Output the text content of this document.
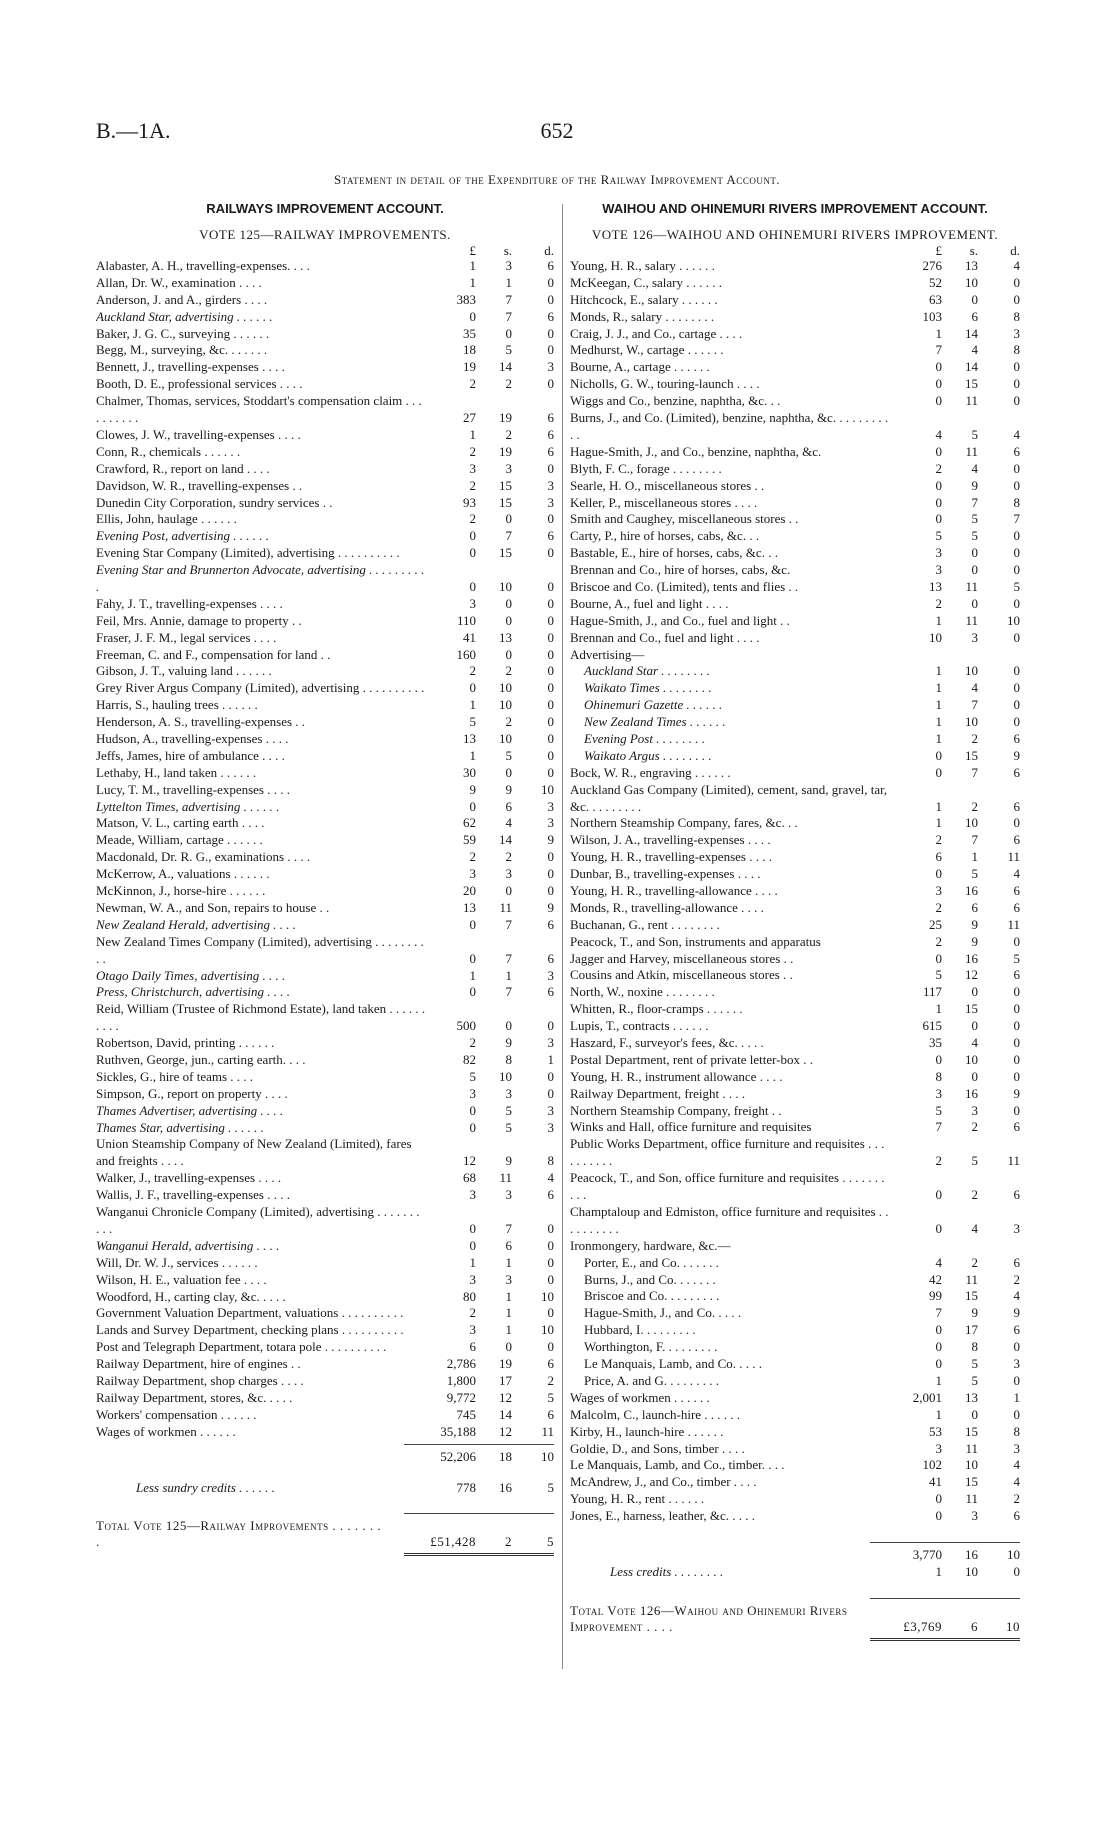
B.—1A.	652
Statement in detail of the Expenditure of the Railway Improvement Account.
RAILWAYS IMPROVEMENT ACCOUNT.
VOTE 125—RAILWAY IMPROVEMENTS.
£	s.	d.
Alabaster, A. H., travelling-expenses. . . .	1	3	6
Allan, Dr. W., examination . . . .	1	1	0
Anderson, J. and A., girders . . . .	383	7	0
Auckland Star, advertising . . . . . .	0	7	6
Baker, J. G. C., surveying . . . . . .	35	0	0
Begg, M., surveying, &c. . . . . . .	18	5	0
Bennett, J., travelling-expenses . . . .	19	14	3
Booth, D. E., professional services . . . .	2	2	0
Chalmer, Thomas, services, Stoddart's compensation claim . . . . . . . . . .	27	19	6
Clowes, J. W., travelling-expenses . . . .	1	2	6
Conn, R., chemicals . . . . . .	2	19	6
Crawford, R., report on land . . . .	3	3	0
Davidson, W. R., travelling-expenses . .	2	15	3
Dunedin City Corporation, sundry services . .	93	15	3
Ellis, John, haulage . . . . . .	2	0	0
Evening Post, advertising . . . . . .	0	7	6
Evening Star Company (Limited), advertising . . . . . . . . . .	0	15	0
Evening Star and Brunnerton Advocate, advertising . . . . . . . . . .	0	10	0
Fahy, J. T., travelling-expenses . . . .	3	0	0
Feil, Mrs. Annie, damage to property . .	110	0	0
Fraser, J. F. M., legal services . . . .	41	13	0
Freeman, C. and F., compensation for land . .	160	0	0
Gibson, J. T., valuing land . . . . . .	2	2	0
Grey River Argus Company (Limited), advertising . . . . . . . . . .	0	10	0
Harris, S., hauling trees . . . . . .	1	10	0
Henderson, A. S., travelling-expenses . .	5	2	0
Hudson, A., travelling-expenses . . . .	13	10	0
Jeffs, James, hire of ambulance . . . .	1	5	0
Lethaby, H., land taken . . . . . .	30	0	0
Lucy, T. M., travelling-expenses . . . .	9	9	10
Lyttelton Times, advertising . . . . . .	0	6	3
Matson, V. L., carting earth . . . .	62	4	3
Meade, William, cartage . . . . . .	59	14	9
Macdonald, Dr. R. G., examinations . . . .	2	2	0
McKerrow, A., valuations . . . . . .	3	3	0
McKinnon, J., horse-hire . . . . . .	20	0	0
Newman, W. A., and Son, repairs to house . .	13	11	9
New Zealand Herald, advertising . . . .	0	7	6
New Zealand Times Company (Limited), advertising . . . . . . . . . .	0	7	6
Otago Daily Times, advertising . . . .	1	1	3
Press, Christchurch, advertising . . . .	0	7	6
Reid, William (Trustee of Richmond Estate), land taken . . . . . . . . . .	500	0	0
Robertson, David, printing . . . . . .	2	9	3
Ruthven, George, jun., carting earth. . . .	82	8	1
Sickles, G., hire of teams . . . .	5	10	0
Simpson, G., report on property . . . .	3	3	0
Thames Advertiser, advertising . . . .	0	5	3
Thames Star, advertising . . . . . .	0	5	3
Union Steamship Company of New Zealand (Limited), fares and freights . . . .	12	9	8
Walker, J., travelling-expenses . . . .	68	11	4
Wallis, J. F., travelling-expenses . . . .	3	3	6
Wanganui Chronicle Company (Limited), advertising . . . . . . . . . .	0	7	0
Wanganui Herald, advertising . . . .	0	6	0
Will, Dr. W. J., services . . . . . .	1	1	0
Wilson, H. E., valuation fee . . . .	3	3	0
Woodford, H., carting clay, &c. . . . .	80	1	10
Government Valuation Department, valuations . . . . . . . . . .	2	1	0
Lands and Survey Department, checking plans . . . . . . . . . .	3	1	10
Post and Telegraph Department, totara pole . . . . . . . . . .	6	0	0
Railway Department, hire of engines . .	2,786	19	6
Railway Department, shop charges . . . .	1,800	17	2
Railway Department, stores, &c. . . . .	9,772	12	5
Workers' compensation . . . . . .	745	14	6
Wages of workmen . . . . . .	35,188	12	11
52,206	18	10
Less sundry credits . . . . . .	778	16	5
Total Vote 125—Railway Improvements . . . . . . . .	£51,428	2	5
WAIHOU AND OHINEMURI RIVERS IMPROVEMENT ACCOUNT.
VOTE 126—WAIHOU AND OHINEMURI RIVERS IMPROVEMENT.
£	s.	d.
Young, H. R., salary . . . . . .	276	13	4
McKeegan, C., salary . . . . . .	52	10	0
Hitchcock, E., salary . . . . . .	63	0	0
Monds, R., salary . . . . . . . .	103	6	8
Craig, J. J., and Co., cartage . . . .	1	14	3
Medhurst, W., cartage . . . . . .	7	4	8
Bourne, A., cartage . . . . . .	0	14	0
Nicholls, G. W., touring-launch . . . .	0	15	0
Wiggs and Co., benzine, naphtha, &c. . .	0	11	0
Burns, J., and Co. (Limited), benzine, naphtha, &c. . . . . . . . . . .	4	5	4
Hague-Smith, J., and Co., benzine, naphtha, &c.	0	11	6
Blyth, F. C., forage . . . . . . . .	2	4	0
Searle, H. O., miscellaneous stores . .	0	9	0
Keller, P., miscellaneous stores . . . .	0	7	8
Smith and Caughey, miscellaneous stores . .	0	5	7
Carty, P., hire of horses, cabs, &c. . .	5	5	0
Bastable, E., hire of horses, cabs, &c. . .	3	0	0
Brennan and Co., hire of horses, cabs, &c.	3	0	0
Briscoe and Co. (Limited), tents and flies . .	13	11	5
Bourne, A., fuel and light . . . .	2	0	0
Hague-Smith, J., and Co., fuel and light . .	1	11	10
Brennan and Co., fuel and light . . . .	10	3	0
Advertising—
Auckland Star . . . . . . . .	1	10	0
Waikato Times . . . . . . . .	1	4	0
Ohinemuri Gazette . . . . . .	1	7	0
New Zealand Times . . . . . .	1	10	0
Evening Post . . . . . . . .	1	2	6
Waikato Argus . . . . . . . .	0	15	9
Bock, W. R., engraving . . . . . .	0	7	6
Auckland Gas Company (Limited), cement, sand, gravel, tar, &c. . . . . . . . .	1	2	6
Northern Steamship Company, fares, &c. . .	1	10	0
Wilson, J. A., travelling-expenses . . . .	2	7	6
Young, H. R., travelling-expenses . . . .	6	1	11
Dunbar, B., travelling-expenses . . . .	0	5	4
Young, H. R., travelling-allowance . . . .	3	16	6
Monds, R., travelling-allowance . . . .	2	6	6
Buchanan, G., rent . . . . . . . .	25	9	11
Peacock, T., and Son, instruments and apparatus	2	9	0
Jagger and Harvey, miscellaneous stores . .	0	16	5
Cousins and Atkin, miscellaneous stores . .	5	12	6
North, W., noxine . . . . . . . .	117	0	0
Whitten, R., floor-cramps . . . . . .	1	15	0
Lupis, T., contracts . . . . . .	615	0	0
Haszard, F., surveyor's fees, &c. . . . .	35	4	0
Postal Department, rent of private letter-box . .	0	10	0
Young, H. R., instrument allowance . . . .	8	0	0
Railway Department, freight . . . .	3	16	9
Northern Steamship Company, freight . .	5	3	0
Winks and Hall, office furniture and requisites	7	2	6
Public Works Department, office furniture and requisites . . . . . . . . . .	2	5	11
Peacock, T., and Son, office furniture and requisites . . . . . . . . . .	0	2	6
Champtaloup and Edmiston, office furniture and requisites . . . . . . . . . .	0	4	3
Ironmongery, hardware, &c.—
Porter, E., and Co. . . . . . .	4	2	6
Burns, J., and Co. . . . . . .	42	11	2
Briscoe and Co. . . . . . . . .	99	15	4
Hague-Smith, J., and Co. . . . .	7	9	9
Hubbard, I. . . . . . . . .	0	17	6
Worthington, F. . . . . . . . .	0	8	0
Le Manquais, Lamb, and Co. . . . .	0	5	3
Price, A. and G. . . . . . . . .	1	5	0
Wages of workmen . . . . . .	2,001	13	1
Malcolm, C., launch-hire . . . . . .	1	0	0
Kirby, H., launch-hire . . . . . .	53	15	8
Goldie, D., and Sons, timber . . . .	3	11	3
Le Manquais, Lamb, and Co., timber. . . .	102	10	4
McAndrew, J., and Co., timber . . . .	41	15	4
Young, H. R., rent . . . . . .	0	11	2
Jones, E., harness, leather, &c. . . . .	0	3	6
3,770	16	10
Less credits . . . . . . . .	1	10	0
Total Vote 126—Waihou and Ohinemuri Rivers Improvement . . . .	£3,769	6	10
